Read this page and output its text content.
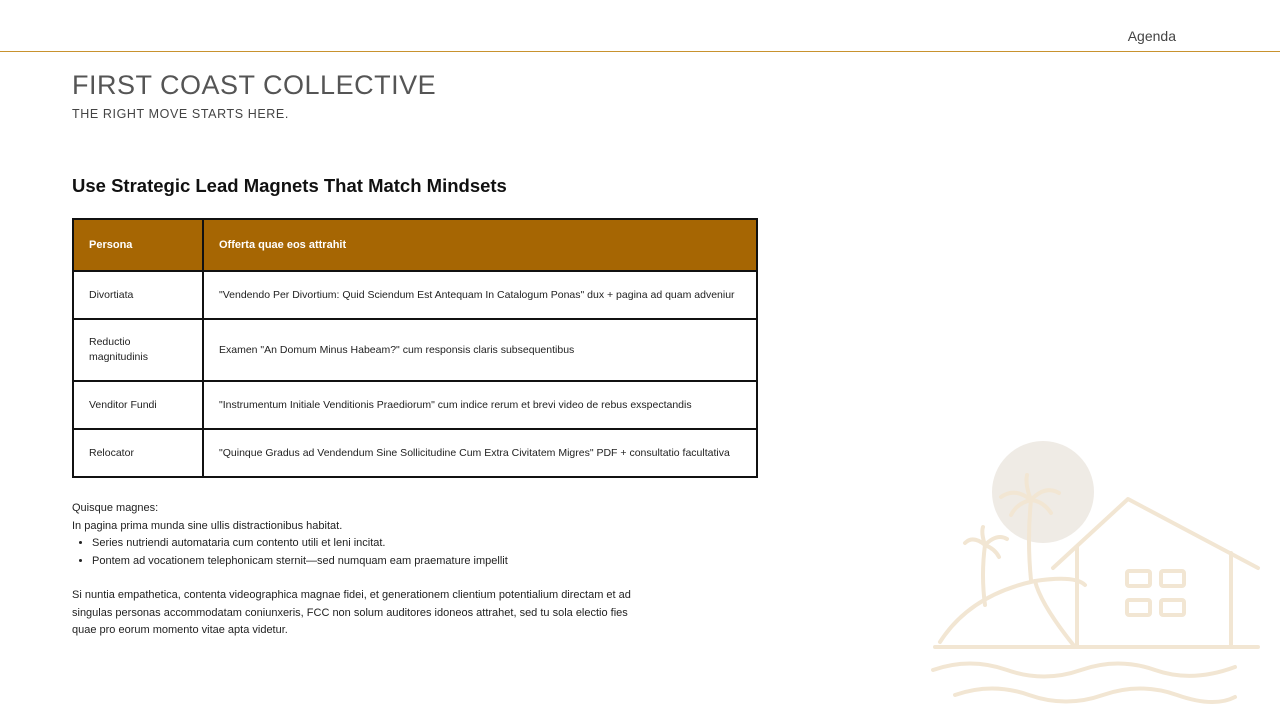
Agenda
FIRST COAST COLLECTIVE
THE RIGHT MOVE STARTS HERE.
Use Strategic Lead Magnets That Match Mindsets
Persona	Offerta quae eos attrahit
Divortiata	"Vendendo Per Divortium: Quid Sciendum Est Antequam In Catalogum Ponas" dux + pagina ad quam adveniur
Reductio magnitudinis	Examen "An Domum Minus Habeam?" cum responsis claris subsequentibus
Venditor Fundi	"Instrumentum Initiale Venditionis Praediorum" cum indice rerum et brevi video de rebus exspectandis
Relocator	"Quinque Gradus ad Vendendum Sine Sollicitudine Cum Extra Civitatem Migres" PDF + consultatio facultativa

Quisque magnes:

In pagina prima munda sine ullis distractionibus habitat.

• Series nutriendi automataria cum contento utili et leni incitat.
• Pontem ad vocationem telephonicam sternit—sed numquam eam praemature impellit

Si nuntia empathetica, contenta videographica magnae fidei, et generationem clientium potentialium directam et ad singulas personas accommodatam coniunxeris, FCC non solum auditores idoneos attrahet, sed tu sola electio fies quae pro eorum momento vitae apta videtur.
